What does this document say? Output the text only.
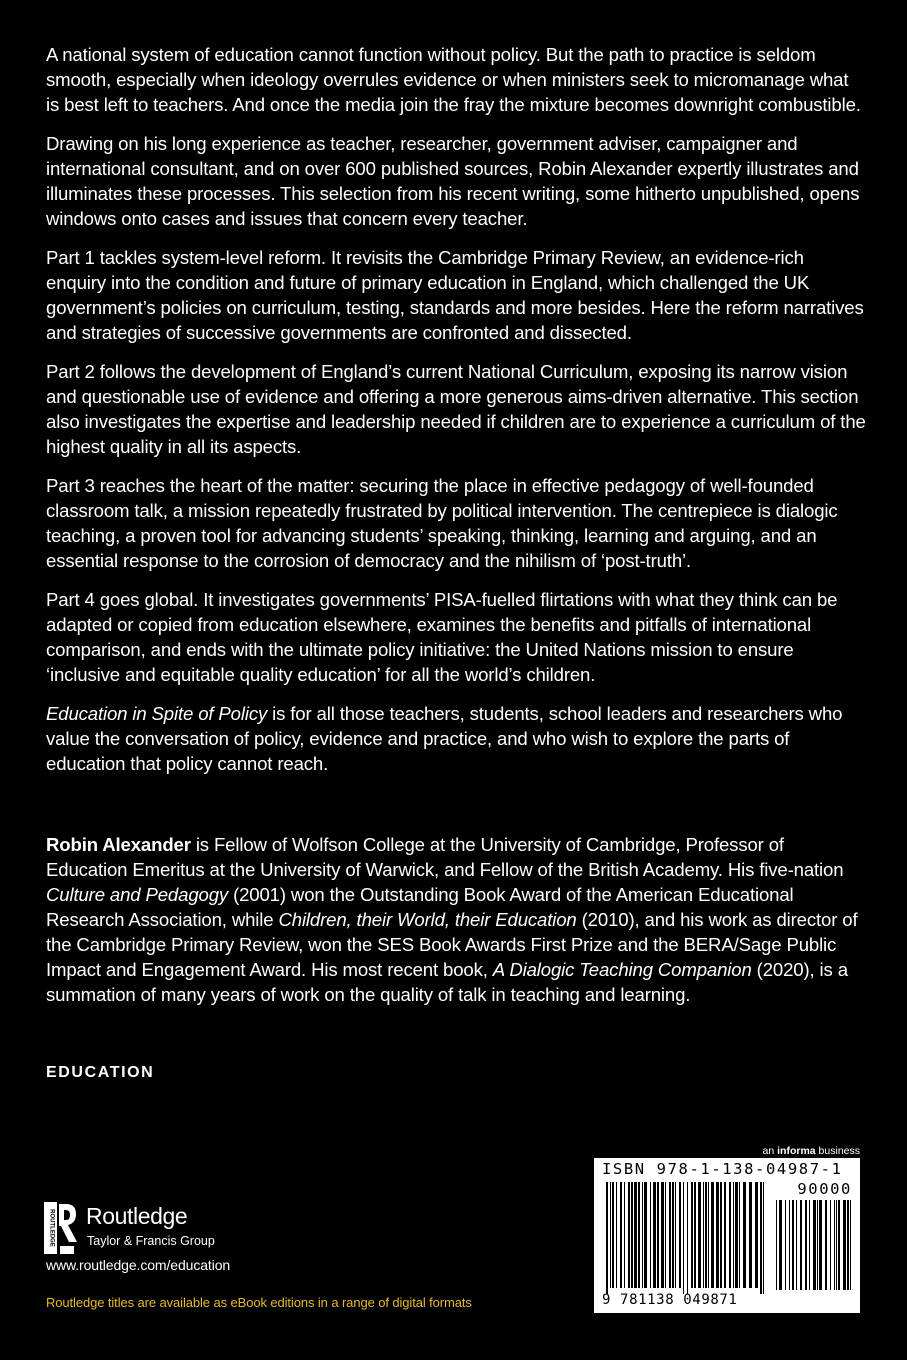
A national system of education cannot function without policy. But the path to practice is seldom smooth, especially when ideology overrules evidence or when ministers seek to micromanage what is best left to teachers. And once the media join the fray the mixture becomes downright combustible.

Drawing on his long experience as teacher, researcher, government adviser, campaigner and international consultant, and on over 600 published sources, Robin Alexander expertly illustrates and illuminates these processes. This selection from his recent writing, some hitherto unpublished, opens windows onto cases and issues that concern every teacher.

Part 1 tackles system-level reform. It revisits the Cambridge Primary Review, an evidence-rich enquiry into the condition and future of primary education in England, which challenged the UK government’s policies on curriculum, testing, standards and more besides. Here the reform narratives and strategies of successive governments are confronted and dissected.

Part 2 follows the development of England’s current National Curriculum, exposing its narrow vision and questionable use of evidence and offering a more generous aims-driven alternative. This section also investigates the expertise and leadership needed if children are to experience a curriculum of the highest quality in all its aspects.

Part 3 reaches the heart of the matter: securing the place in effective pedagogy of well-founded classroom talk, a mission repeatedly frustrated by political intervention. The centrepiece is dialogic teaching, a proven tool for advancing students’ speaking, thinking, learning and arguing, and an essential response to the corrosion of democracy and the nihilism of ‘post-truth’.

Part 4 goes global. It investigates governments’ PISA-fuelled flirtations with what they think can be adapted or copied from education elsewhere, examines the benefits and pitfalls of international comparison, and ends with the ultimate policy initiative: the United Nations mission to ensure ‘inclusive and equitable quality education’ for all the world’s children.

Education in Spite of Policy is for all those teachers, students, school leaders and researchers who value the conversation of policy, evidence and practice, and who wish to explore the parts of education that policy cannot reach.

Robin Alexander is Fellow of Wolfson College at the University of Cambridge, Professor of Education Emeritus at the University of Warwick, and Fellow of the British Academy. His five-nation Culture and Pedagogy (2001) won the Outstanding Book Award of the American Educational Research Association, while Children, their World, their Education (2010), and his work as director of the Cambridge Primary Review, won the SES Book Awards First Prize and the BERA/Sage Public Impact and Engagement Award. His most recent book, A Dialogic Teaching Companion (2020), is a summation of many years of work on the quality of talk in teaching and learning.

EDUCATION
ROUTLEDGE Routledge
Taylor & Francis Group
www.routledge.com/education
Routledge titles are available as eBook editions in a range of digital formats
an informa business
ISBN 978-1-138-04987-1
90000
9 781138 049871
